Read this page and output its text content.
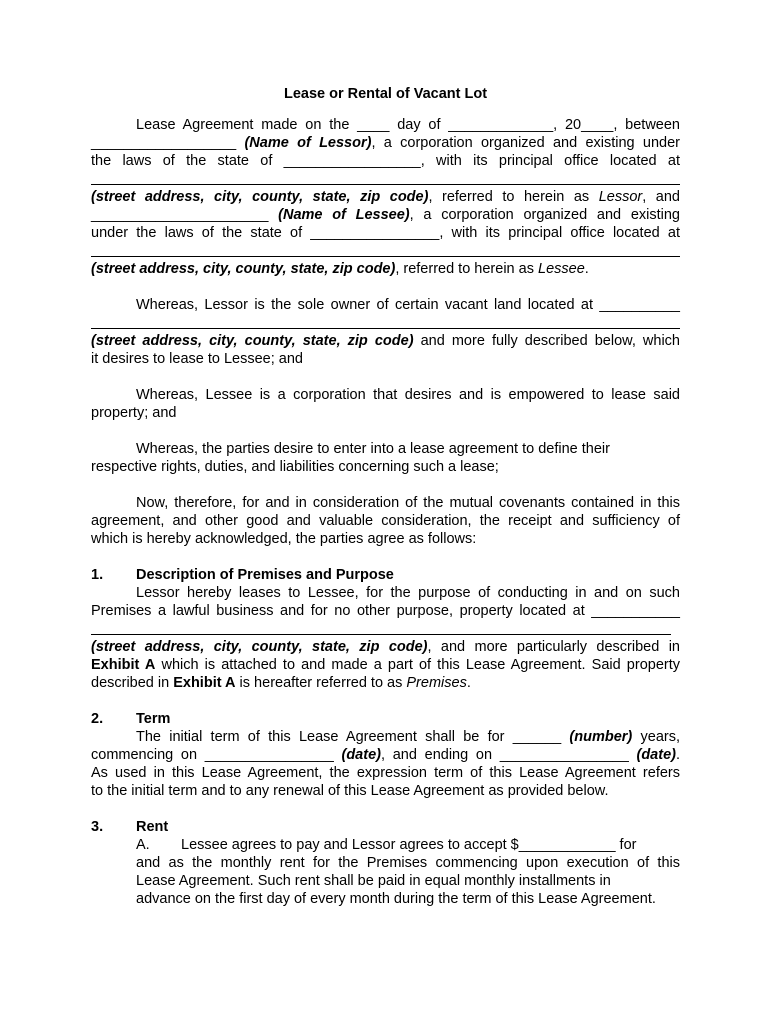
Lease or Rental of Vacant Lot
Lease Agreement made on the ____ day of _____________, 20____, between
__________________ (Name of Lessor), a corporation organized and existing under
the laws of the state of _________________, with its principal office located at
(street address, city, county, state, zip code), referred to herein as Lessor, and
______________________ (Name of Lessee), a corporation organized and existing
under the laws of the state of ________________, with its principal office located at
(street address, city, county, state, zip code), referred to herein as Lessee.
Whereas, Lessor is the sole owner of certain vacant land located at __________
(street address, city, county, state, zip code) and more fully described below, which
it desires to lease to Lessee; and
Whereas, Lessee is a corporation that desires and is empowered to lease said
property; and
Whereas, the parties desire to enter into a lease agreement to define their
respective rights, duties, and liabilities concerning such a lease;
Now, therefore, for and in consideration of the mutual covenants contained in this
agreement, and other good and valuable consideration, the receipt and sufficiency of
which is hereby acknowledged, the parties agree as follows:
1. Description of Premises and Purpose
Lessor hereby leases to Lessee, for the purpose of conducting in and on such
Premises a lawful business and for no other purpose, property located at ___________
(street address, city, county, state, zip code), and more particularly described in
Exhibit A which is attached to and made a part of this Lease Agreement. Said property
described in Exhibit A is hereafter referred to as Premises.
2. Term
The initial term of this Lease Agreement shall be for ______ (number) years,
commencing on ________________ (date), and ending on ________________ (date).
As used in this Lease Agreement, the expression term of this Lease Agreement refers
to the initial term and to any renewal of this Lease Agreement as provided below.
3. Rent
A. Lessee agrees to pay and Lessor agrees to accept $____________ for
and as the monthly rent for the Premises commencing upon execution of this
Lease Agreement. Such rent shall be paid in equal monthly installments in
advance on the first day of every month during the term of this Lease Agreement.
